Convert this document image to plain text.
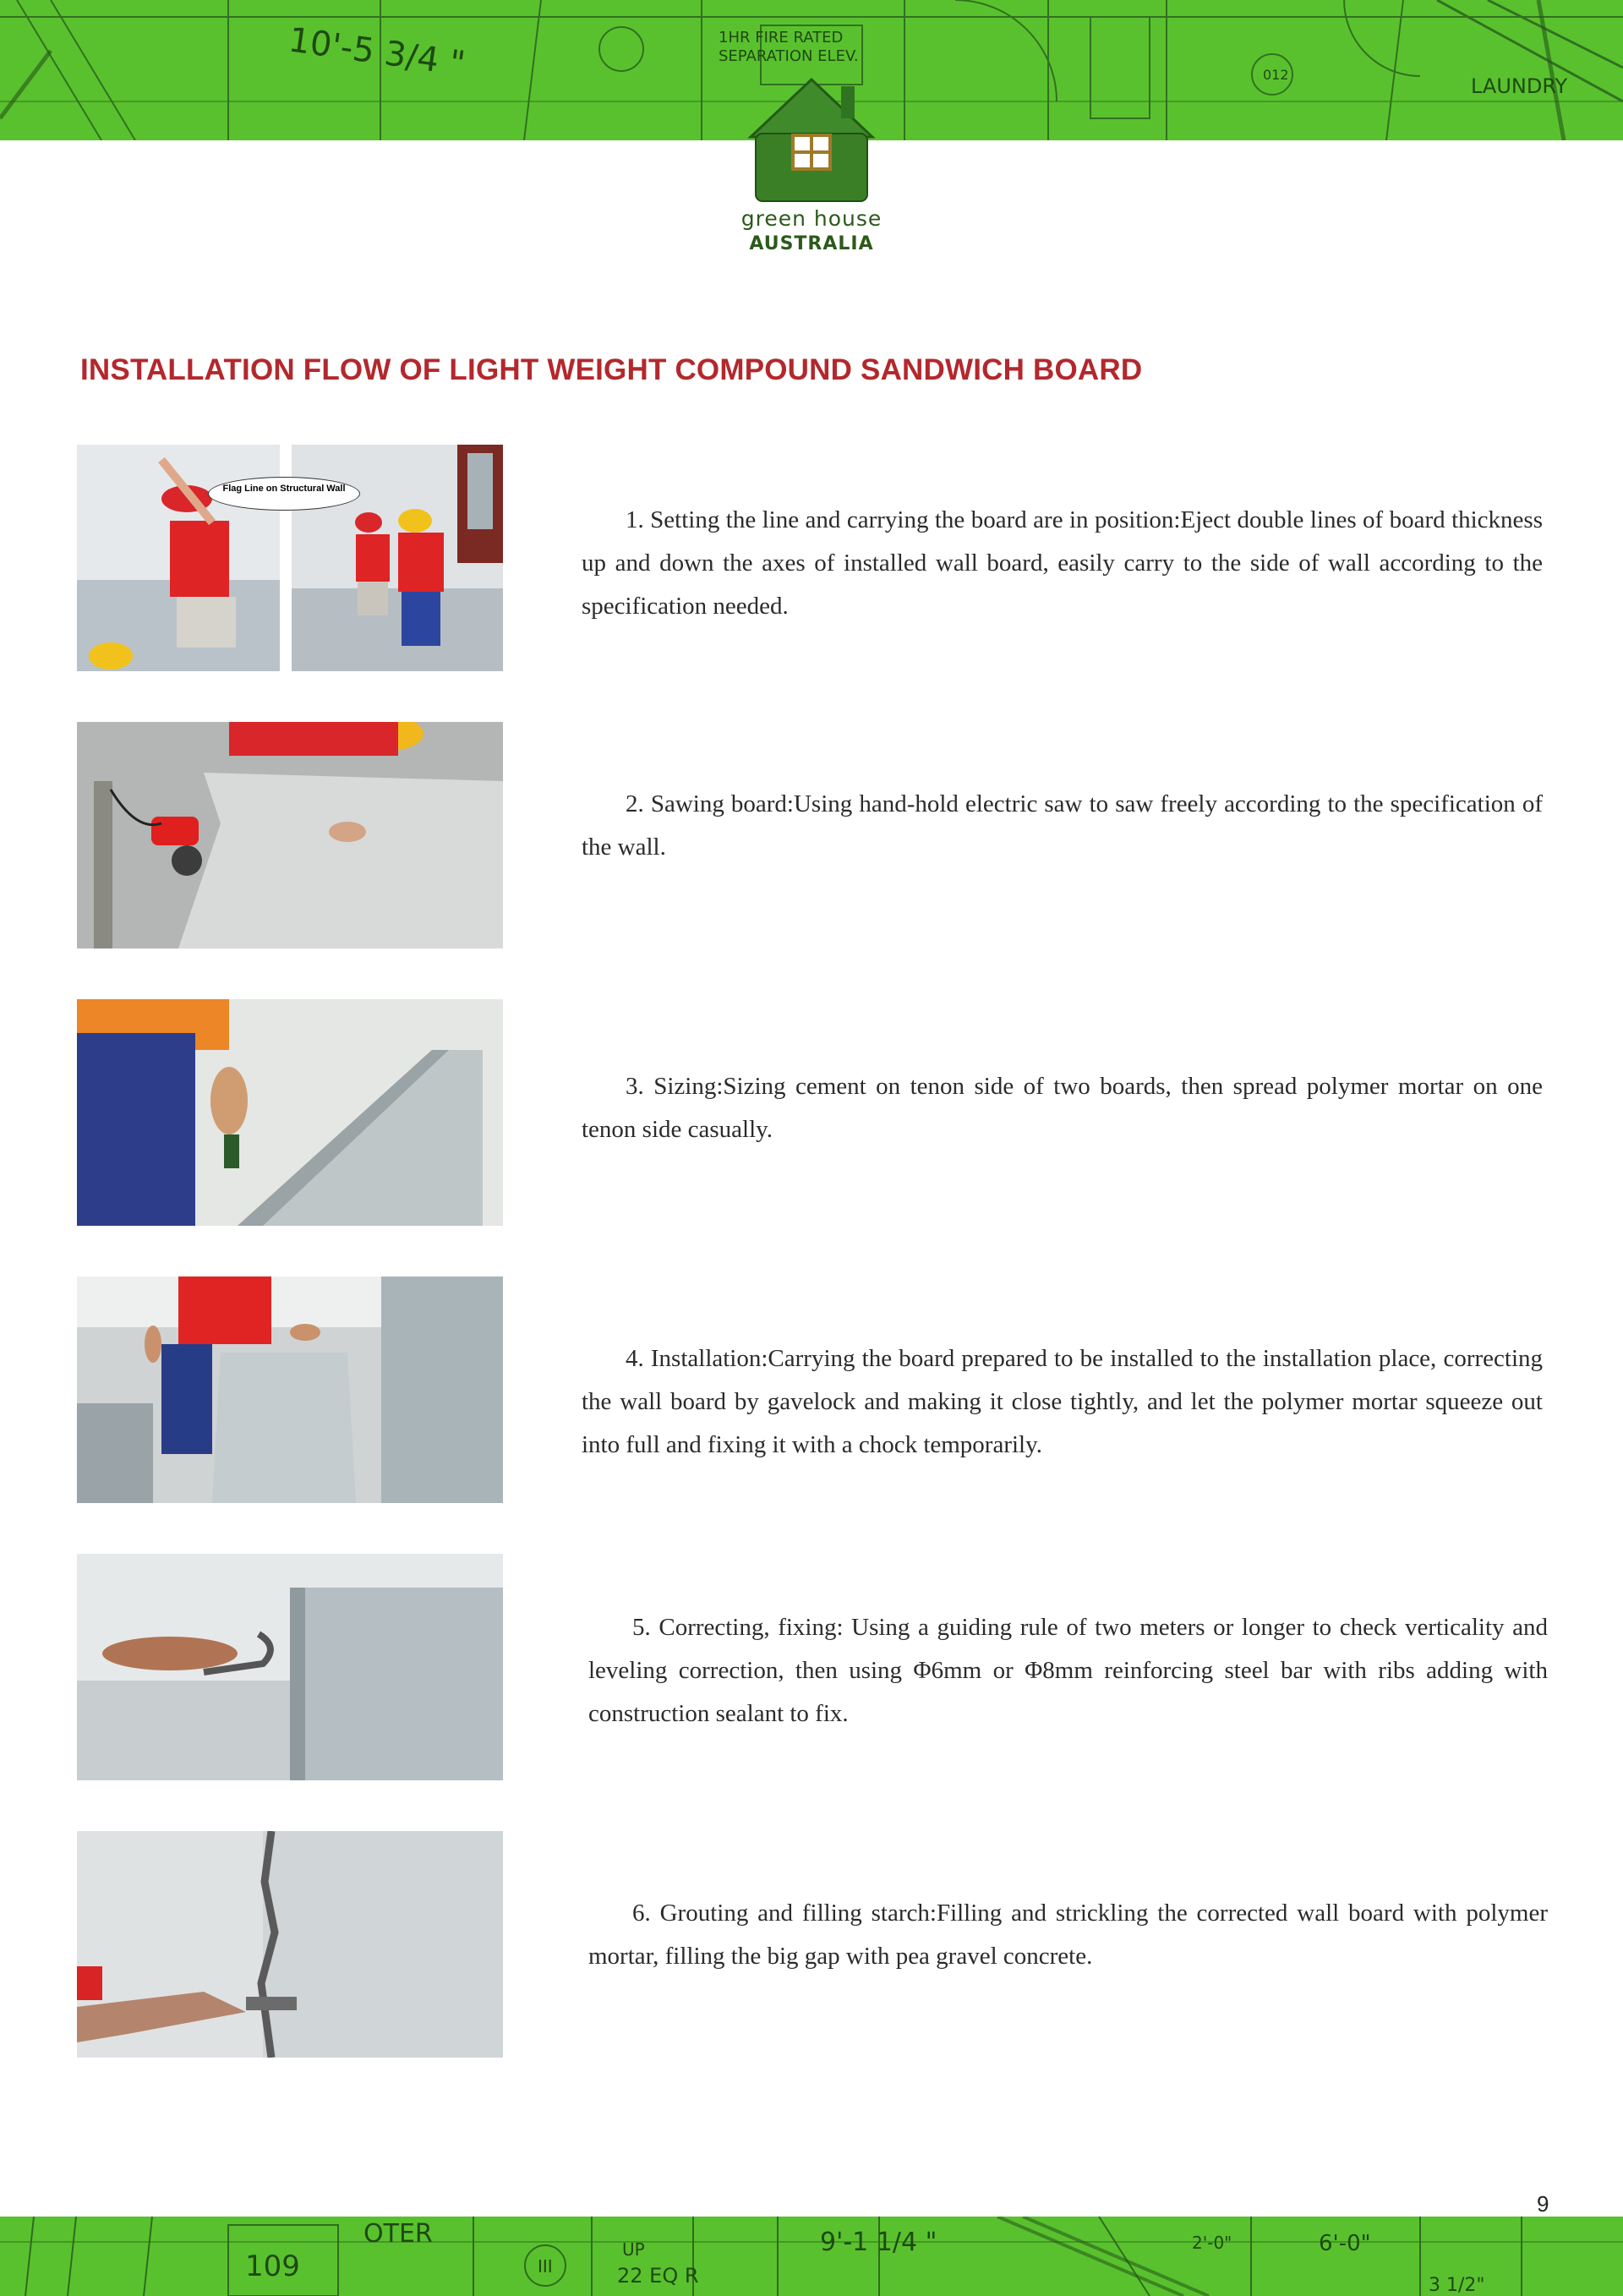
10'-5 3/4 "	1HR FIRE RATED
SEPARATION ELEV.
012	LAUNDRY
green house
AUSTRALIA
INSTALLATION FLOW OF LIGHT WEIGHT COMPOUND SANDWICH BOARD
Flag Line on Structural Wall
1. Setting the line and carrying the board are in position:Eject double lines of board thickness up and down the axes of installed wall board, easily carry to the side of wall according to the specification needed.
2. Sawing board:Using hand-hold electric saw to saw freely according to the specification of the wall.
3. Sizing:Sizing cement on tenon side of two boards, then spread polymer mortar on one tenon side casually.
4. Installation:Carrying the board prepared to be installed to the installation place, correcting the wall board by gavelock and making it close tightly, and let the polymer mortar squeeze out into full and fixing it with a chock temporarily.
5. Correcting, fixing: Using a guiding rule of two meters or longer to check verticality and leveling correction, then using Φ6mm or Φ8mm reinforcing steel bar with ribs adding with construction sealant to fix.
6. Grouting and filling starch:Filling and strickling the corrected wall board with polymer mortar, filling the big gap with pea gravel concrete.
9
109
OTER
III
UP
22 EQ R
9'-1 1/4 "	2'-0"	6'-0"
3 1/2"
